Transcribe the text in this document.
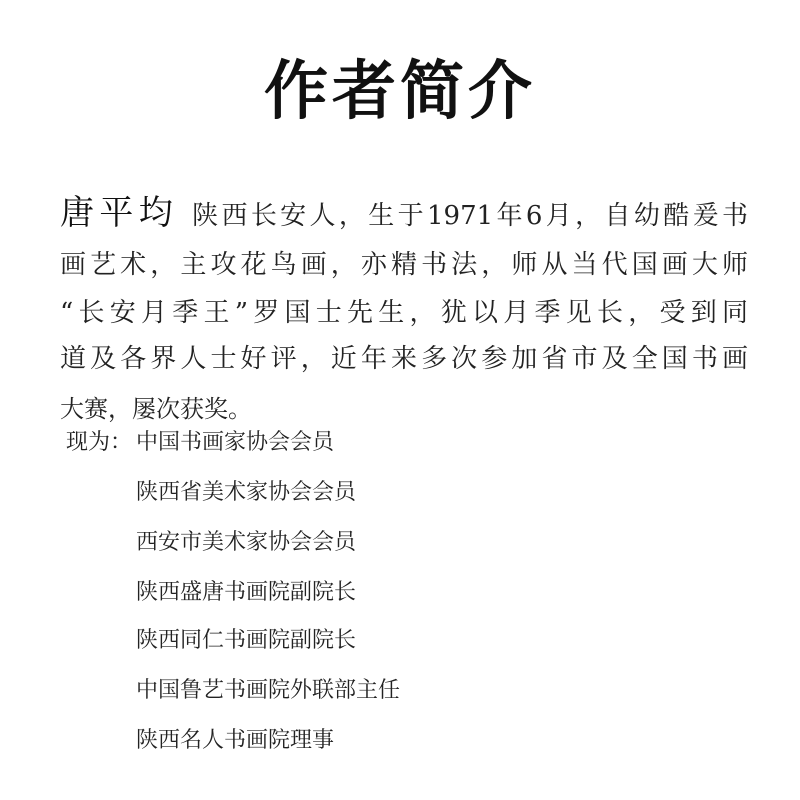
作者简介
唐平均 陕西长安人，生于1971年6月，自幼酷爰书
画艺术，主攻花鸟画，亦精书法，师从当代国画大师
“长安月季王”罗国士先生，犹以月季见长，受到同
道及各界人士好评，近年来多次参加省市及全国书画
大赛，屡次获奖。
现为： 中国书画家协会会员
陕西省美术家协会会员
西安市美术家协会会员
陕西盛唐书画院副院长
陕西同仁书画院副院长
中国鲁艺书画院外联部主任
陕西名人书画院理事
